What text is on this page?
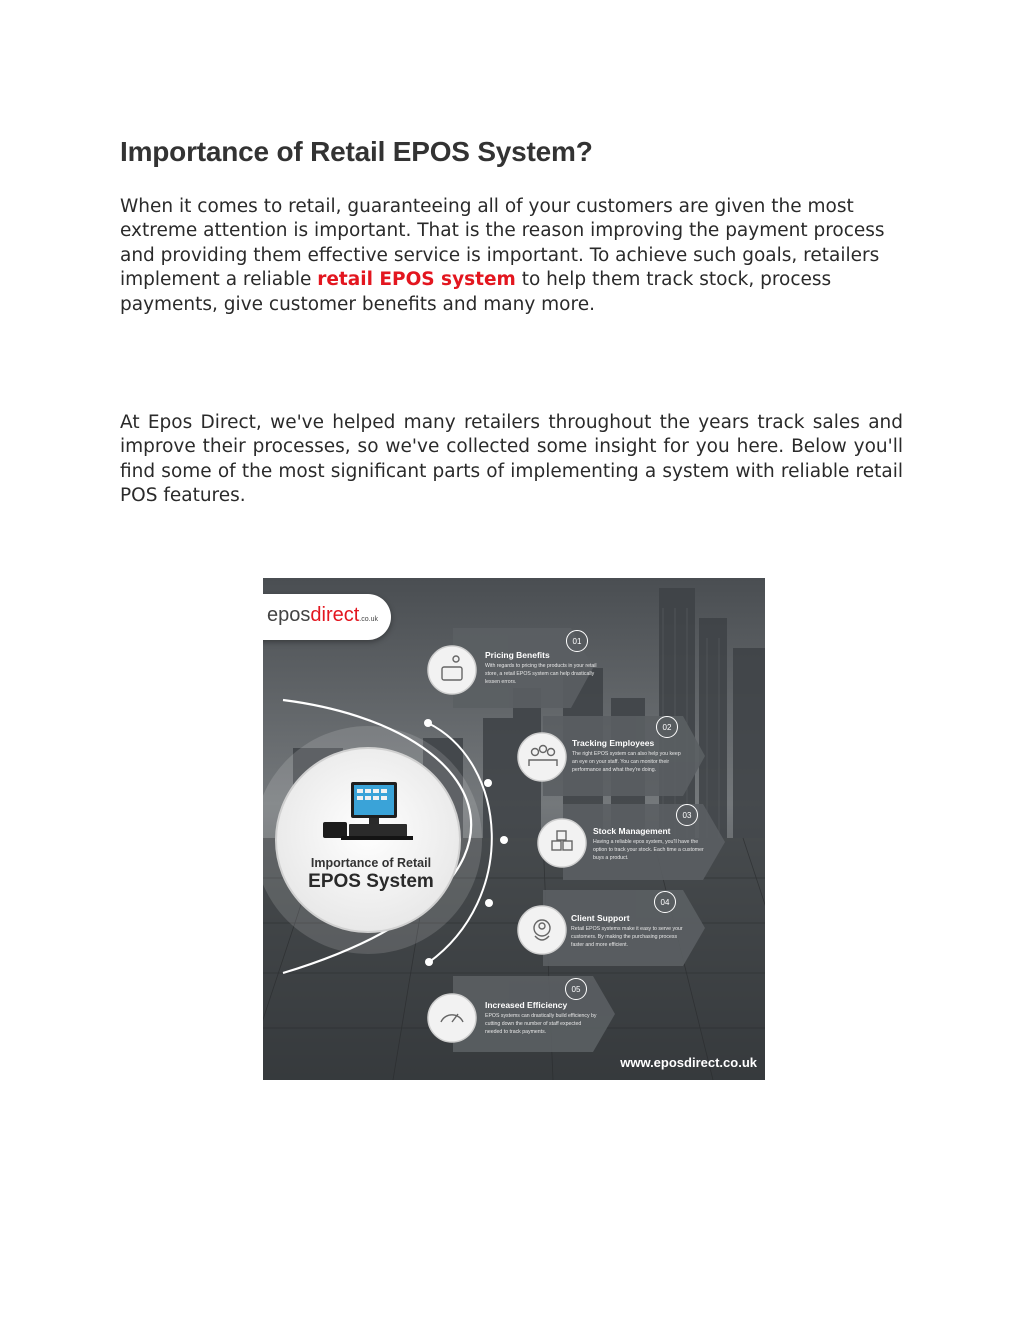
Importance of Retail EPOS System?

When it comes to retail, guaranteeing all of your customers are given the most extreme attention is important. That is the reason improving the payment process and providing them effective service is important. To achieve such goals, retailers implement a reliable retail EPOS system to help them track stock, process payments, give customer benefits and many more.

At Epos Direct, we've helped many retailers throughout the years track sales and improve their processes, so we've collected some insight for you here. Below you'll find some of the most significant parts of implementing a system with reliable retail POS features.

eposdirect.co.uk
Importance of Retail
EPOS System
01
Pricing Benefits
With regards to pricing the products in your retail store, a retail EPOS system can help drastically lessen errors.
02
Tracking Employees
The right EPOS system can also help you keep an eye on your staff. You can monitor their performance and what they're doing.
03
Stock Management
Having a reliable epos system, you'll have the option to track your stock. Each time a customer buys a product.
04
Client Support
Retail EPOS systems make it easy to serve your customers. By making the purchasing process faster and more efficient.
05
Increased Efficiency
EPOS systems can drastically build efficiency by cutting down the number of staff expected needed to track payments.
www.eposdirect.co.uk
